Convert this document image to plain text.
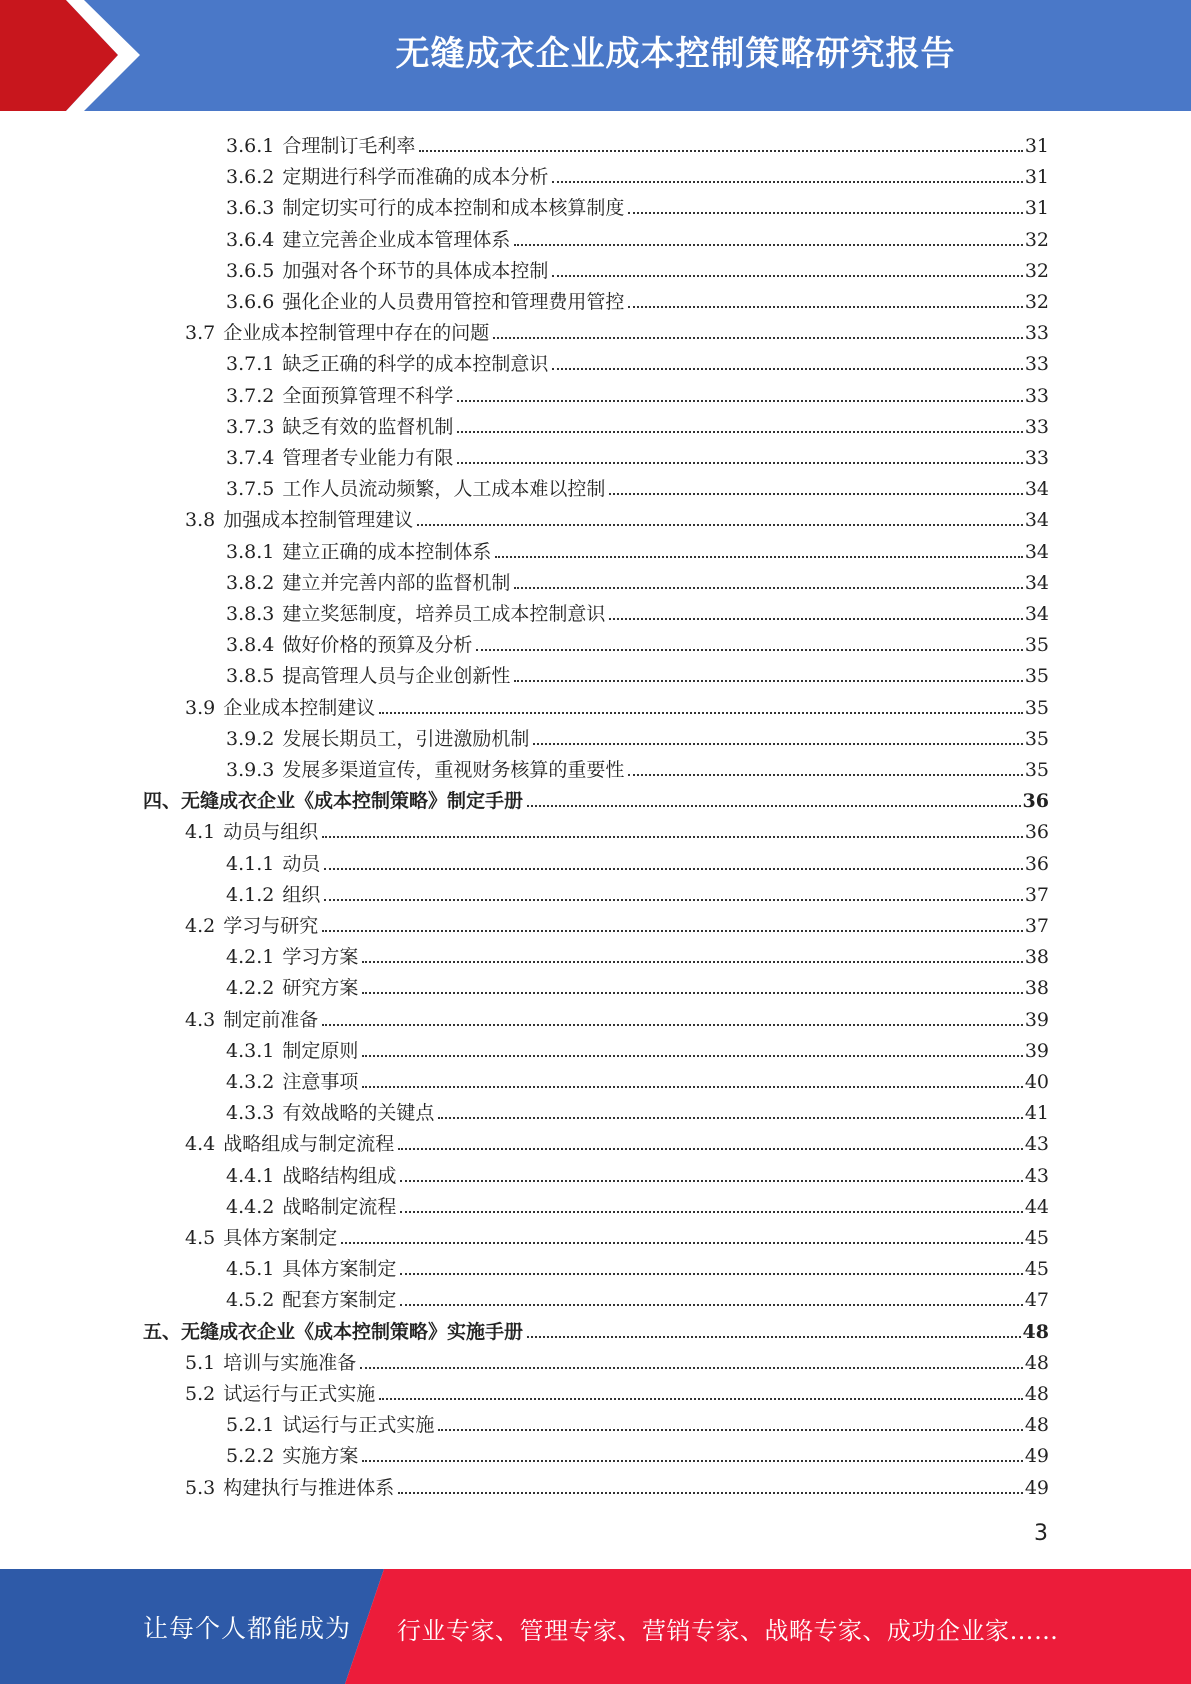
无缝成衣企业成本控制策略研究报告
3.6.1 合理制订毛利率	31
3.6.2 定期进行科学而准确的成本分析	31
3.6.3 制定切实可行的成本控制和成本核算制度	31
3.6.4 建立完善企业成本管理体系	32
3.6.5 加强对各个环节的具体成本控制	32
3.6.6 强化企业的人员费用管控和管理费用管控	32
3.7 企业成本控制管理中存在的问题	33
3.7.1 缺乏正确的科学的成本控制意识	33
3.7.2 全面预算管理不科学	33
3.7.3 缺乏有效的监督机制	33
3.7.4 管理者专业能力有限	33
3.7.5 工作人员流动频繁，人工成本难以控制	34
3.8 加强成本控制管理建议	34
3.8.1 建立正确的成本控制体系	34
3.8.2 建立并完善内部的监督机制	34
3.8.3 建立奖惩制度，培养员工成本控制意识	34
3.8.4 做好价格的预算及分析	35
3.8.5 提高管理人员与企业创新性	35
3.9 企业成本控制建议	35
3.9.2 发展长期员工，引进激励机制	35
3.9.3 发展多渠道宣传，重视财务核算的重要性	35
四、 无缝成衣企业《成本控制策略》制定手册	36
4.1 动员与组织	36
4.1.1 动员	36
4.1.2 组织	37
4.2 学习与研究	37
4.2.1 学习方案	38
4.2.2 研究方案	38
4.3 制定前准备	39
4.3.1 制定原则	39
4.3.2 注意事项	40
4.3.3 有效战略的关键点	41
4.4 战略组成与制定流程	43
4.4.1 战略结构组成	43
4.4.2 战略制定流程	44
4.5 具体方案制定	45
4.5.1 具体方案制定	45
4.5.2 配套方案制定	47
五、 无缝成衣企业《成本控制策略》实施手册	48
5.1 培训与实施准备	48
5.2 试运行与正式实施	48
5.2.1 试运行与正式实施	48
5.2.2 实施方案	49
5.3 构建执行与推进体系	49
3
让每个人都能成为 行业专家、管理专家、营销专家、战略专家、成功企业家……
